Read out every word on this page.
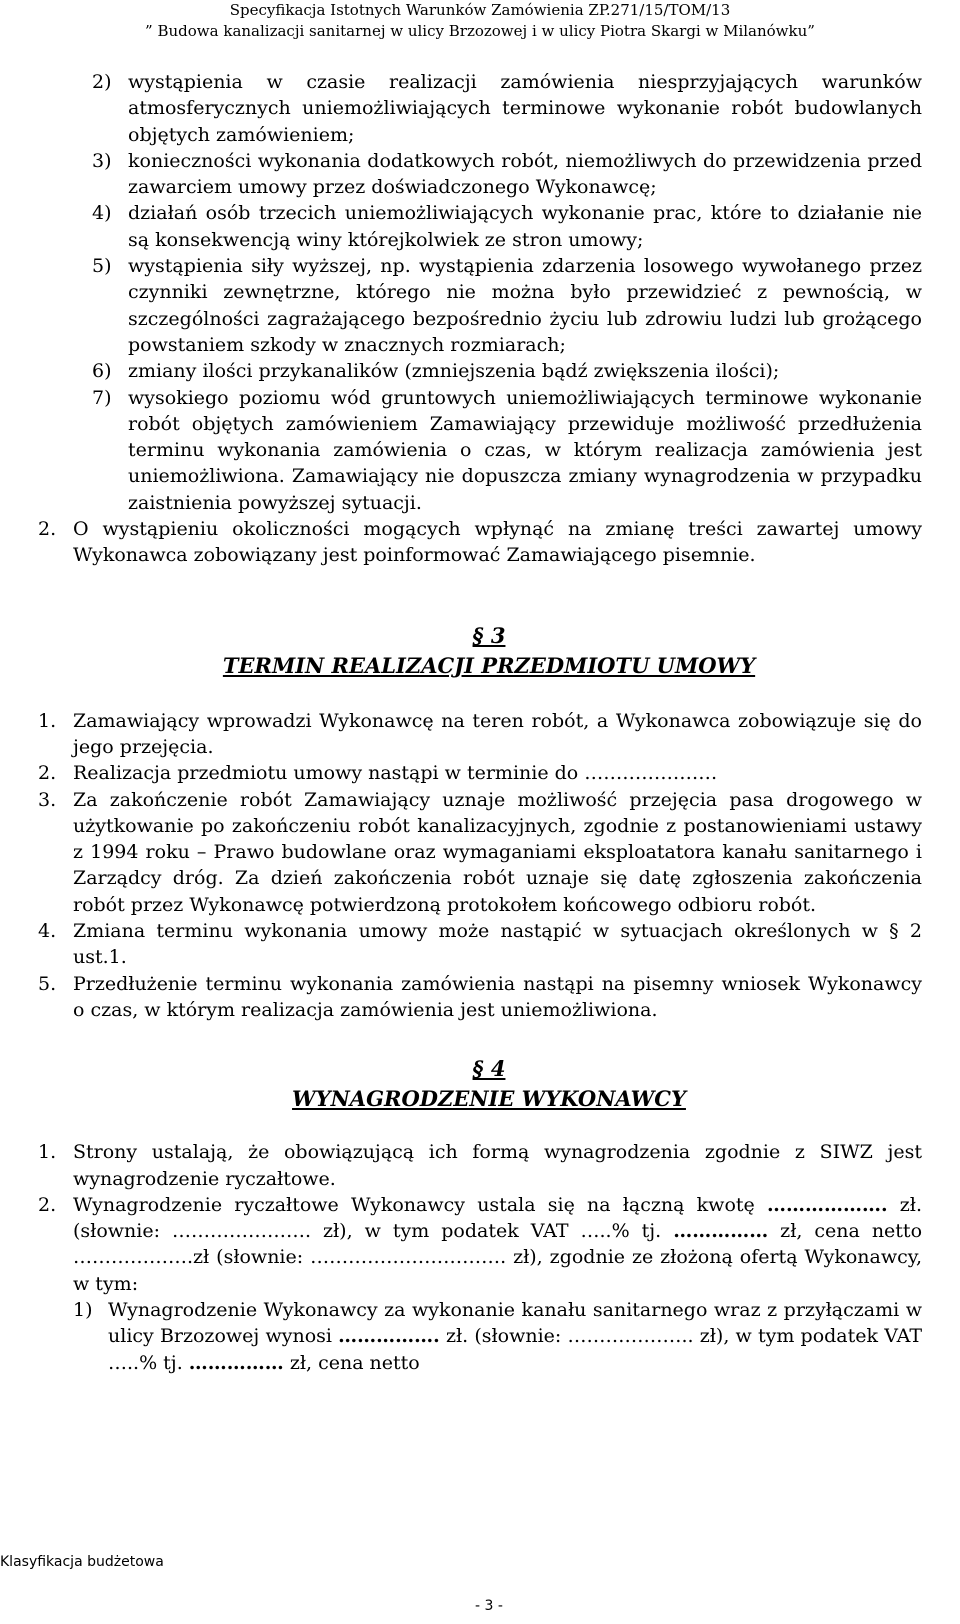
Specyfikacja Istotnych Warunków Zamówienia ZP.271/15/TOM/13
” Budowa kanalizacji sanitarnej w ulicy Brzozowej i w ulicy Piotra Skargi w Milanówku”
2) wystąpienia w czasie realizacji zamówienia niesprzyjających warunków atmosferycznych uniemożliwiających terminowe wykonanie robót budowlanych objętych zamówieniem;
3) konieczności wykonania dodatkowych robót, niemożliwych do przewidzenia przed zawarciem umowy przez doświadczonego Wykonawcę;
4) działań osób trzecich uniemożliwiających wykonanie prac, które to działanie nie są konsekwencją winy którejkolwiek ze stron umowy;
5) wystąpienia siły wyższej, np. wystąpienia zdarzenia losowego wywołanego przez czynniki zewnętrzne, którego nie można było przewidzieć z pewnością, w szczególności zagrażającego bezpośrednio życiu lub zdrowiu ludzi lub grożącego powstaniem szkody w znacznych rozmiarach;
6) zmiany ilości przykanalików (zmniejszenia bądź zwiększenia ilości);
7) wysokiego poziomu wód gruntowych uniemożliwiających terminowe wykonanie robót objętych zamówieniem Zamawiający przewiduje możliwość przedłużenia terminu wykonania zamówienia o czas, w którym realizacja zamówienia jest uniemożliwiona. Zamawiający nie dopuszcza zmiany wynagrodzenia w przypadku zaistnienia powyższej sytuacji.
2. O wystąpieniu okoliczności mogących wpłynąć na zmianę treści zawartej umowy Wykonawca zobowiązany jest poinformować Zamawiającego pisemnie.
§ 3
TERMIN REALIZACJI PRZEDMIOTU UMOWY
1. Zamawiający wprowadzi Wykonawcę na teren robót, a Wykonawca zobowiązuje się do jego przejęcia.
2. Realizacja przedmiotu umowy nastąpi w terminie do …………………
3. Za zakończenie robót Zamawiający uznaje możliwość przejęcia pasa drogowego w użytkowanie po zakończeniu robót kanalizacyjnych, zgodnie z postanowieniami ustawy z 1994 roku – Prawo budowlane oraz wymaganiami eksploatatora kanału sanitarnego i Zarządcy dróg. Za dzień zakończenia robót uznaje się datę zgłoszenia zakończenia robót przez Wykonawcę potwierdzoną protokołem końcowego odbioru robót.
4. Zmiana terminu wykonania umowy może nastąpić w sytuacjach określonych w § 2 ust.1.
5. Przedłużenie terminu wykonania zamówienia nastąpi na pisemny wniosek Wykonawcy o czas, w którym realizacja zamówienia jest uniemożliwiona.
§ 4
WYNAGRODZENIE WYKONAWCY
1. Strony ustalają, że obowiązującą ich formą wynagrodzenia zgodnie z SIWZ jest wynagrodzenie ryczałtowe.
2. Wynagrodzenie ryczałtowe Wykonawcy ustala się na łączną kwotę ………………. zł. (słownie: …………………. zł), w tym podatek VAT …..% tj. …………… zł, cena netto ……………….zł (słownie: …………………………. zł), zgodnie ze złożoną ofertą Wykonawcy, w tym:
1) Wynagrodzenie Wykonawcy za wykonanie kanału sanitarnego wraz z przyłączami w ulicy Brzozowej wynosi ……………. zł. (słownie: ……………….. zł), w tym podatek VAT …..% tj. …………… zł, cena netto
Klasyfikacja budżetowa
- 3 -
